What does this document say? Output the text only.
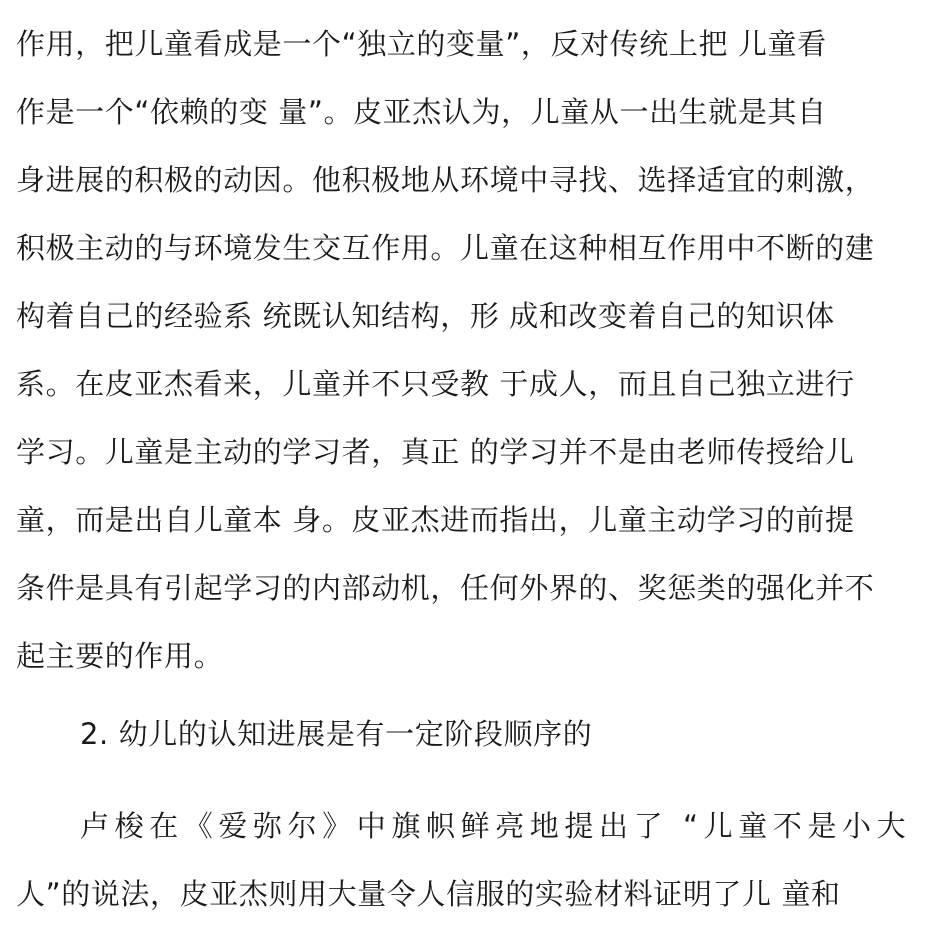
作用，把儿童看成是一个“独立的变量”，反对传统上把 儿童看
作是一个“依赖的变 量”。皮亚杰认为，儿童从一出生就是其自
身进展的积极的动因。他积极地从环境中寻找、选择适宜的刺激，
积极主动的与环境发生交互作用。儿童在这种相互作用中不断的建
构着自己的经验系 统既认知结构，形 成和改变着自己的知识体
系。在皮亚杰看来，儿童并不只受教 于成人，而且自己独立进行
学习。儿童是主动的学习者，真正 的学习并不是由老师传授给儿
童，而是出自儿童本 身。皮亚杰进而指出，儿童主动学习的前提
条件是具有引起学习的内部动机，任何外界的、奖惩类的强化并不
起主要的作用。
2. 幼儿的认知进展是有一定阶段顺序的
卢梭在《爱弥尔》中旗帜鲜亮地提出了 “儿童不是小大
人”的说法，皮亚杰则用大量令人信服的实验材料证明了儿 童和
